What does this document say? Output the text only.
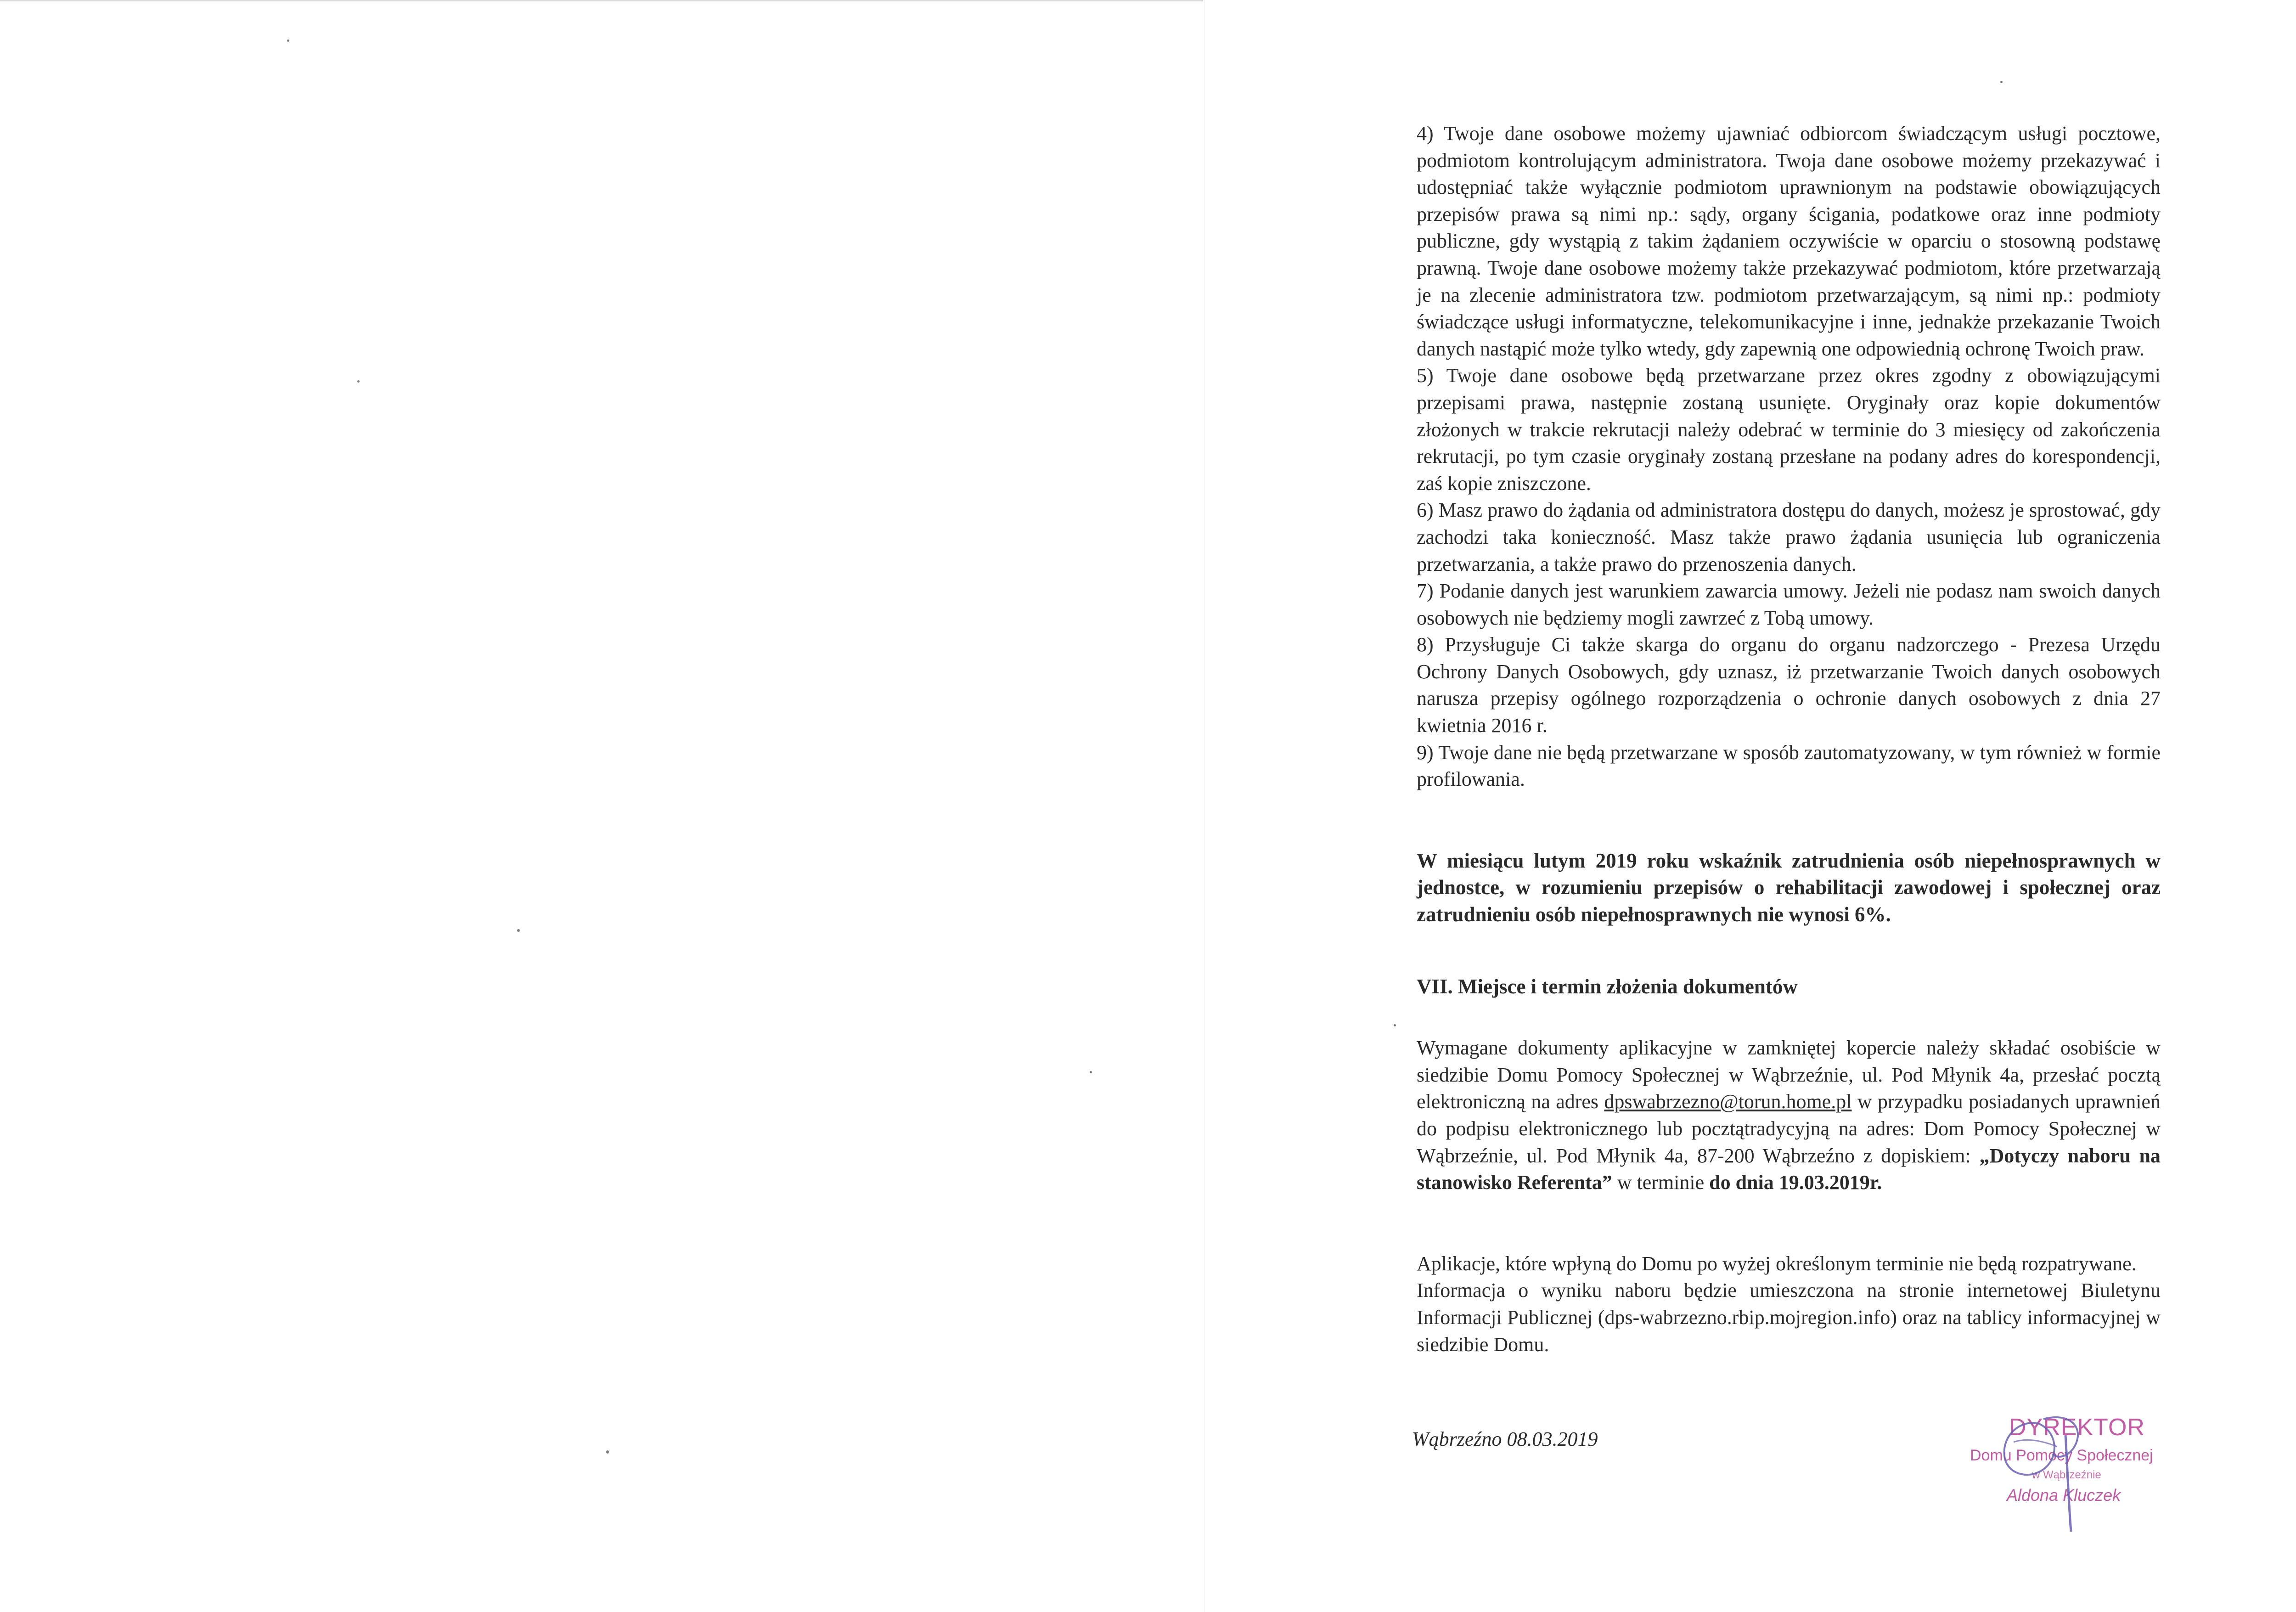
4) Twoje dane osobowe możemy ujawniać odbiorcom świadczącym usługi pocztowe, podmiotom kontrolującym administratora. Twoja dane osobowe możemy przekazywać i udostępniać także wyłącznie podmiotom uprawnionym na podstawie obowiązujących przepisów prawa są nimi np.: sądy, organy ścigania, podatkowe oraz inne podmioty publiczne, gdy wystąpią z takim żądaniem oczywiście w oparciu o stosowną podstawę prawną. Twoje dane osobowe możemy także przekazywać podmiotom, które przetwarzają je na zlecenie administratora tzw. podmiotom przetwarzającym, są nimi np.: podmioty świadczące usługi informatyczne, telekomunikacyjne i inne, jednakże przekazanie Twoich danych nastąpić może tylko wtedy, gdy zapewnią one odpowiednią ochronę Twoich praw.

5) Twoje dane osobowe będą przetwarzane przez okres zgodny z obowiązującymi przepisami prawa, następnie zostaną usunięte. Oryginały oraz kopie dokumentów złożonych w trakcie rekrutacji należy odebrać w terminie do 3 miesięcy od zakończenia rekrutacji, po tym czasie oryginały zostaną przesłane na podany adres do korespondencji, zaś kopie zniszczone.

6) Masz prawo do żądania od administratora dostępu do danych, możesz je sprostować, gdy zachodzi taka konieczność. Masz także prawo żądania usunięcia lub ograniczenia przetwarzania, a także prawo do przenoszenia danych.

7) Podanie danych jest warunkiem zawarcia umowy. Jeżeli nie podasz nam swoich danych osobowych nie będziemy mogli zawrzeć z Tobą umowy.

8) Przysługuje Ci także skarga do organu do organu nadzorczego - Prezesa Urzędu Ochrony Danych Osobowych, gdy uznasz, iż przetwarzanie Twoich danych osobowych narusza przepisy ogólnego rozporządzenia o ochronie danych osobowych z dnia 27 kwietnia 2016 r.

9) Twoje dane nie będą przetwarzane w sposób zautomatyzowany, w tym również w formie profilowania.

W miesiącu lutym 2019 roku wskaźnik zatrudnienia osób niepełnosprawnych w jednostce, w rozumieniu przepisów o rehabilitacji zawodowej i społecznej oraz zatrudnieniu osób niepełnosprawnych nie wynosi 6%.

VII. Miejsce i termin złożenia dokumentów

Wymagane dokumenty aplikacyjne w zamkniętej kopercie należy składać osobiście w siedzibie Domu Pomocy Społecznej w Wąbrzeźnie, ul. Pod Młynik 4a, przesłać pocztą elektroniczną na adres dpswabrzezno@torun.home.pl w przypadku posiadanych uprawnień do podpisu elektronicznego lub pocztątradycyjną na adres: Dom Pomocy Społecznej w Wąbrzeźnie, ul. Pod Młynik 4a, 87-200 Wąbrzeźno z dopiskiem: „Dotyczy naboru na stanowisko Referenta” w terminie do dnia 19.03.2019r.

Aplikacje, które wpłyną do Domu po wyżej określonym terminie nie będą rozpatrywane.

Informacja o wyniku naboru będzie umieszczona na stronie internetowej Biuletynu Informacji Publicznej (dps-wabrzezno.rbip.mojregion.info) oraz na tablicy informacyjnej w siedzibie Domu.

Wąbrzeźno 08.03.2019	DYREKTOR
Domu Pomocy Społecznej
w Wąbrzeźnie
Aldona Kluczek
